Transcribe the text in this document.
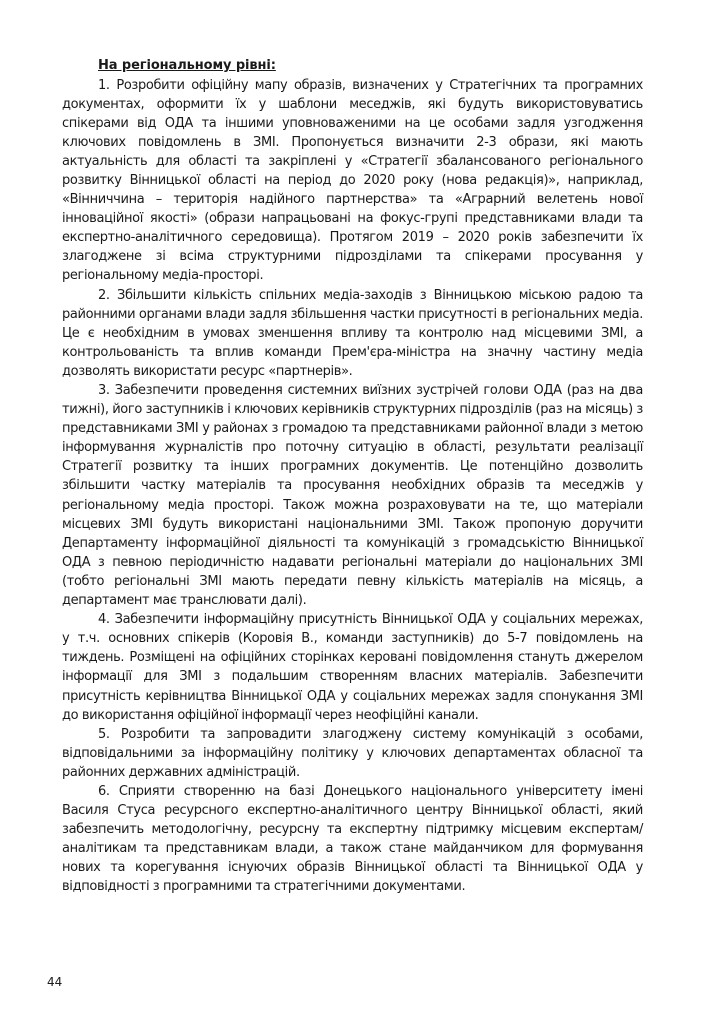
На регіональному рівні:

1. Розробити офіційну мапу образів, визначених у Стратегічних та програмних документах, оформити їх у шаблони меседжів, які будуть використовуватись спікерами від ОДА та іншими уповноваженими на це особами задля узгодження ключових повідомлень в ЗМІ. Пропонується визначити 2-3 образи, які мають актуальність для області та закріплені у «Стратегії збалансованого регіонального розвитку Вінницької області на період до 2020 року (нова редакція)», наприклад, «Вінниччина – територія надійного партнерства» та «Аграрний велетень нової інноваційної якості» (образи напрацьовані на фокус-групі представниками влади та експертно-аналітичного середовища). Протягом 2019 – 2020 років забезпечити їх злагоджене зі всіма структурними підрозділами та спікерами просування у регіональному медіа-просторі.

2. Збільшити кількість спільних медіа-заходів з Вінницькою міською радою та районними органами влади задля збільшення частки присутності в регіональних медіа. Це є необхідним в умовах зменшення впливу та контролю над місцевими ЗМІ, а контрольованість та вплив команди Прем'єра-міністра на значну частину медіа дозволять використати ресурс «партнерів».

3. Забезпечити проведення системних виїзних зустрічей голови ОДА (раз на два тижні), його заступників і ключових керівників структурних підрозділів (раз на місяць) з представниками ЗМІ у районах з громадою та представниками районної влади з метою інформування журналістів про поточну ситуацію в області, результати реалізації Стратегії розвитку та інших програмних документів. Це потенційно дозволить збільшити частку матеріалів та просування необхідних образів та меседжів у регіональному медіа просторі. Також можна розраховувати на те, що матеріали місцевих ЗМІ будуть використані національними ЗМІ. Також пропоную доручити Департаменту інформаційної діяльності та комунікацій з громадськістю Вінницької ОДА з певною періодичністю надавати регіональні матеріали до національних ЗМІ (тобто регіональні ЗМІ мають передати певну кількість матеріалів на місяць, а департамент має транслювати далі).

4. Забезпечити інформаційну присутність Вінницької ОДА у соціальних мережах, у т.ч. основних спікерів (Коровія В., команди заступників) до 5-7 повідомлень на тиждень. Розміщені на офіційних сторінках керовані повідомлення стануть джерелом інформації для ЗМІ з подальшим створенням власних матеріалів. Забезпечити присутність керівництва Вінницької ОДА у соціальних мережах задля спонукання ЗМІ до використання офіційної інформації через неофіційні канали.

5. Розробити та запровадити злагоджену систему комунікацій з особами, відповідальними за інформаційну політику у ключових департаментах обласної та районних державних адміністрацій.

6. Сприяти створенню на базі Донецького національного університету імені Василя Стуса ресурсного експертно-аналітичного центру Вінницької області, який забезпечить методологічну, ресурсну та експертну підтримку місцевим експертам/аналітикам та представникам влади, а також стане майданчиком для формування нових та корегування існуючих образів Вінницької області та Вінницької ОДА у відповідності з програмними та стратегічними документами.

44
